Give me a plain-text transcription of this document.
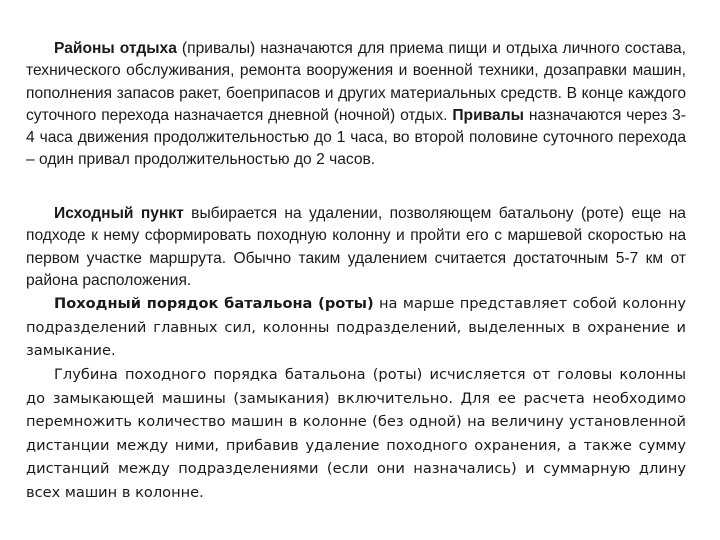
Районы отдыха (привалы) назначаются для приема пищи и отдыха личного состава, технического обслуживания, ремонта вооружения и военной техники, дозаправки машин, пополнения запасов ракет, боеприпасов и других материальных средств. В конце каждого суточного перехода назначается дневной (ночной) отдых. Привалы назначаются через 3-4 часа движения продолжительностью до 1 часа, во второй половине суточного перехода – один привал продолжительностью до 2 часов.

Исходный пункт выбирается на удалении, позволяющем батальону (роте) еще на подходе к нему сформировать походную колонну и пройти его с маршевой скоростью на первом участке маршрута. Обычно таким удалением считается достаточным 5-7 км от района расположения.

Походный порядок батальона (роты) на марше представляет собой колонну подразделений главных сил, колонны подразделений, выделенных в охранение и замыкание.

Глубина походного порядка батальона (роты) исчисляется от головы колонны до замыкающей машины (замыкания) включительно. Для ее расчета необходимо перемножить количество машин в колонне (без одной) на величину установленной дистанции между ними, прибавив удаление походного охранения, а также сумму дистанций между подразделениями (если они назначались) и суммарную длину всех машин в колонне.
